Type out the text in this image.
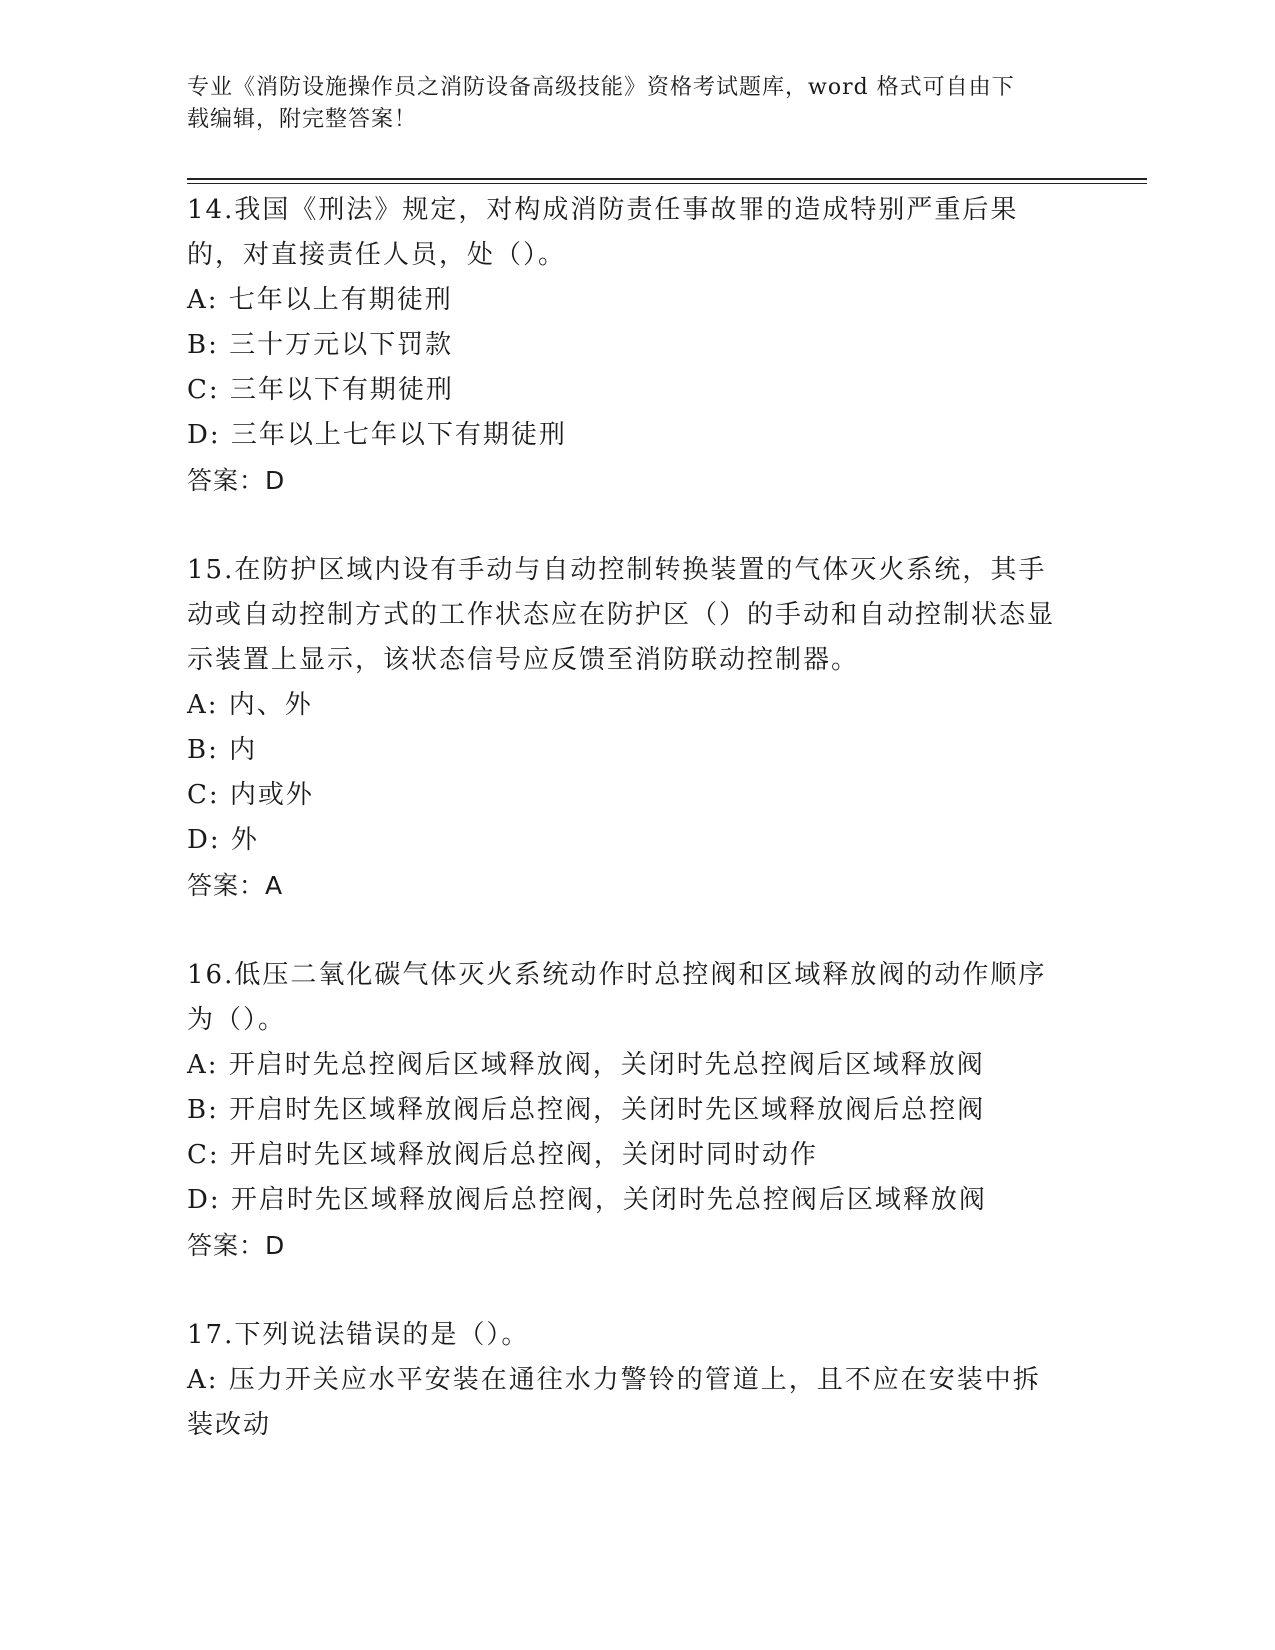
专业《消防设施操作员之消防设备高级技能》资格考试题库，word 格式可自由下
载编辑，附完整答案！

14.我国《刑法》规定，对构成消防责任事故罪的造成特别严重后果的，对直接责任人员，处（）。

A: 七年以上有期徒刑

B: 三十万元以下罚款

C: 三年以下有期徒刑

D: 三年以上七年以下有期徒刑

答案：D

15.在防护区域内设有手动与自动控制转换装置的气体灭火系统，其手动或自动控制方式的工作状态应在防护区（）的手动和自动控制状态显示装置上显示，该状态信号应反馈至消防联动控制器。

A: 内、外

B: 内

C: 内或外

D: 外

答案：A

16.低压二氧化碳气体灭火系统动作时总控阀和区域释放阀的动作顺序为（）。

A: 开启时先总控阀后区域释放阀，关闭时先总控阀后区域释放阀

B: 开启时先区域释放阀后总控阀，关闭时先区域释放阀后总控阀

C: 开启时先区域释放阀后总控阀，关闭时同时动作

D: 开启时先区域释放阀后总控阀，关闭时先总控阀后区域释放阀

答案：D

17.下列说法错误的是（）。

A: 压力开关应水平安装在通往水力警铃的管道上，且不应在安装中拆装改动
